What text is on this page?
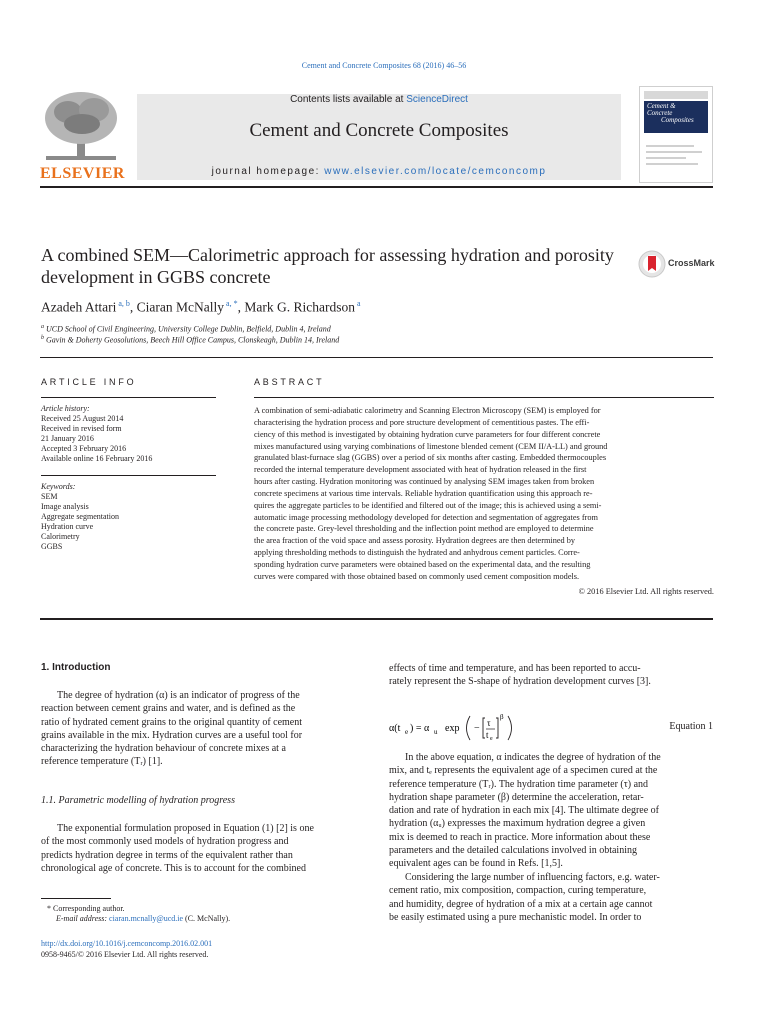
Cement and Concrete Composites 68 (2016) 46–56
ELSEVIER
Contents lists available at ScienceDirect
Cement and Concrete Composites
journal homepage: www.elsevier.com/locate/cemconcomp
Cement &
Concrete
Composites
A combined SEM—Calorimetric approach for assessing hydration and porosity development in GGBS concrete
CrossMark
Azadeh Attari $^{a, b}$, Ciaran McNally $^{a, *}$, Mark G. Richardson $^a$
$^a$ UCD School of Civil Engineering, University College Dublin, Belfield, Dublin 4, Ireland
$^b$ Gavin & Doherty Geosolutions, Beech Hill Office Campus, Clonskeagh, Dublin 14, Ireland
ARTICLE INFO
Article history:
Received 25 August 2014
Received in revised form
21 January 2016
Accepted 3 February 2016
Available online 16 February 2016
Keywords:
SEM
Image analysis
Aggregate segmentation
Hydration curve
Calorimetry
GGBS
ABSTRACT
A combination of semi-adiabatic calorimetry and Scanning Electron Microscopy (SEM) is employed for
characterising the hydration process and pore structure development of cementitious pastes. The effi-
ciency of this method is investigated by obtaining hydration curve parameters for four different concrete
mixes manufactured using varying combinations of limestone blended cement (CEM II/A-LL) and ground
granulated blast-furnace slag (GGBS) over a period of six months after casting. Embedded thermocouples
recorded the internal temperature development associated with heat of hydration released in the first
hours after casting. Hydration monitoring was continued by analysing SEM images taken from broken
concrete specimens at various time intervals. Reliable hydration quantification using this approach re-
quires the aggregate particles to be identified and filtered out of the image; this is achieved using a semi-
automatic image processing methodology developed for detection and segmentation of aggregates from
the concrete paste. Grey-level thresholding and the inflection point method are employed to determine
the area fraction of the void space and assess porosity. Hydration degrees are then determined by
applying thresholding methods to distinguish the hydrated and anhydrous cement particles. Corre-
sponding hydration curve parameters were obtained based on the experimental data, and the resulting
curves were compared with those obtained based on commonly used cement composition models.
© 2016 Elsevier Ltd. All rights reserved.
1. Introduction
The degree of hydration (α) is an indicator of progress of the
reaction between cement grains and water, and is defined as the
ratio of hydrated cement grains to the original quantity of cement
grains available in the mix. Hydration curves are a useful tool for
characterizing the hydration behaviour of concrete mixes at a
reference temperature (Tᵣ) [1].
1.1. Parametric modelling of hydration progress
The exponential formulation proposed in Equation (1) [2] is one
of the most commonly used models of hydration progress and
predicts hydration degree in terms of the equivalent rather than
chronological age of concrete. This is to account for the combined
effects of time and temperature, and has been reported to accu-
rately represent the S-shape of hydration development curves [3].
α(t e ) = α u exp − τ
t e
β
Equation 1
In the above equation, α indicates the degree of hydration of the
mix, and tₑ represents the equivalent age of a specimen cured at the
reference temperature (Tᵣ). The hydration time parameter (τ) and
hydration shape parameter (β) determine the acceleration, retar-
dation and rate of hydration in each mix [4]. The ultimate degree of
hydration (αᵤ) expresses the maximum hydration degree a given
mix is deemed to reach in practice. More information about these
parameters and the detailed calculations involved in obtaining
equivalent ages can be found in Refs. [1,5].
Considering the large number of influencing factors, e.g. water-
cement ratio, mix composition, compaction, curing temperature,
and humidity, degree of hydration of a mix at a certain age cannot
be easily estimated using a pure mechanistic model. In order to
* Corresponding author.
E-mail address: ciaran.mcnally@ucd.ie (C. McNally).
http://dx.doi.org/10.1016/j.cemconcomp.2016.02.001
0958-9465/© 2016 Elsevier Ltd. All rights reserved.
